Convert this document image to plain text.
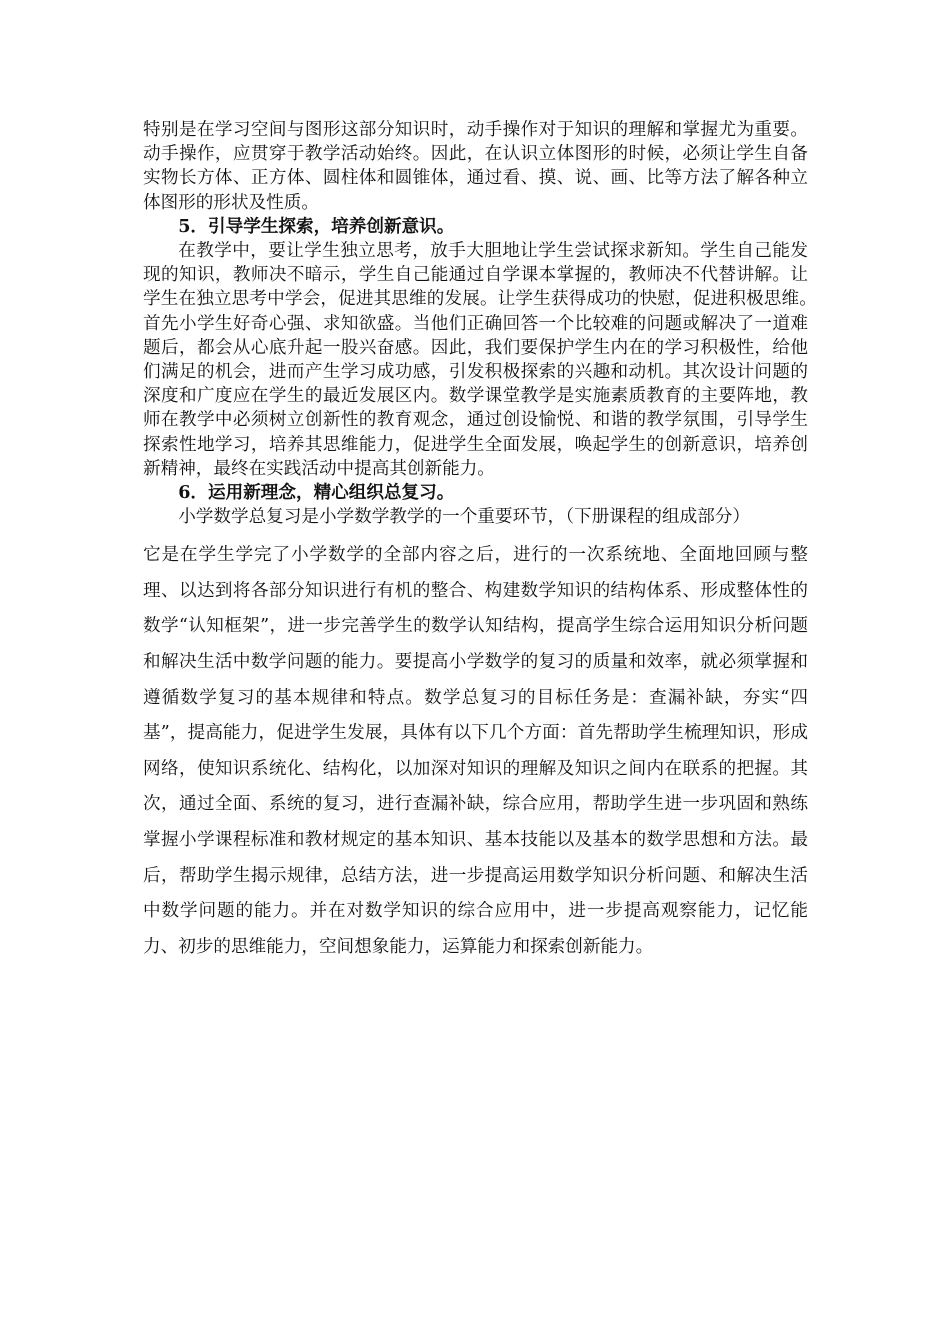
特别是在学习空间与图形这部分知识时，动手操作对于知识的理解和掌握尤为重要。动手操作，应贯穿于教学活动始终。因此，在认识立体图形的时候，必须让学生自备实物长方体、正方体、圆柱体和圆锥体，通过看、摸、说、画、比等方法了解各种立体图形的形状及性质。

5．引导学生探索，培养创新意识。

在教学中，要让学生独立思考，放手大胆地让学生尝试探求新知。学生自己能发现的知识，教师决不暗示，学生自己能通过自学课本掌握的，教师决不代替讲解。让学生在独立思考中学会，促进其思维的发展。让学生获得成功的快慰，促进积极思维。　首先小学生好奇心强、求知欲盛。当他们正确回答一个比较难的问题或解决了一道难题后，都会从心底升起一股兴奋感。因此，我们要保护学生内在的学习积极性，给他们满足的机会，进而产生学习成功感，引发积极探索的兴趣和动机。其次设计问题的深度和广度应在学生的最近发展区内。数学课堂教学是实施素质教育的主要阵地，教师在教学中必须树立创新性的教育观念，通过创设愉悦、和谐的教学氛围，引导学生探索性地学习，培养其思维能力，促进学生全面发展，唤起学生的创新意识，培养创新精神，最终在实践活动中提高其创新能力。

6．运用新理念，精心组织总复习。

小学数学总复习是小学数学教学的一个重要环节，（下册课程的组成部分）

它是在学生学完了小学数学的全部内容之后，进行的一次系统地、全面地回顾与整理、以达到将各部分知识进行有机的整合、构建数学知识的结构体系、形成整体性的数学“认知框架”，进一步完善学生的数学认知结构，提高学生综合运用知识分析问题和解决生活中数学问题的能力。要提高小学数学的复习的质量和效率，就必须掌握和遵循数学复习的基本规律和特点。数学总复习的目标任务是：查漏补缺，夯实“四基”，提高能力，促进学生发展，具体有以下几个方面：首先帮助学生梳理知识，形成网络，使知识系统化、结构化，以加深对知识的理解及知识之间内在联系的把握。其次，通过全面、系统的复习，进行查漏补缺，综合应用，帮助学生进一步巩固和熟练掌握小学课程标准和教材规定的基本知识、基本技能以及基本的数学思想和方法。最后，帮助学生揭示规律，总结方法，进一步提高运用数学知识分析问题、和解决生活中数学问题的能力。并在对数学知识的综合应用中，进一步提高观察能力，记忆能力、初步的思维能力，空间想象能力，运算能力和探索创新能力。
